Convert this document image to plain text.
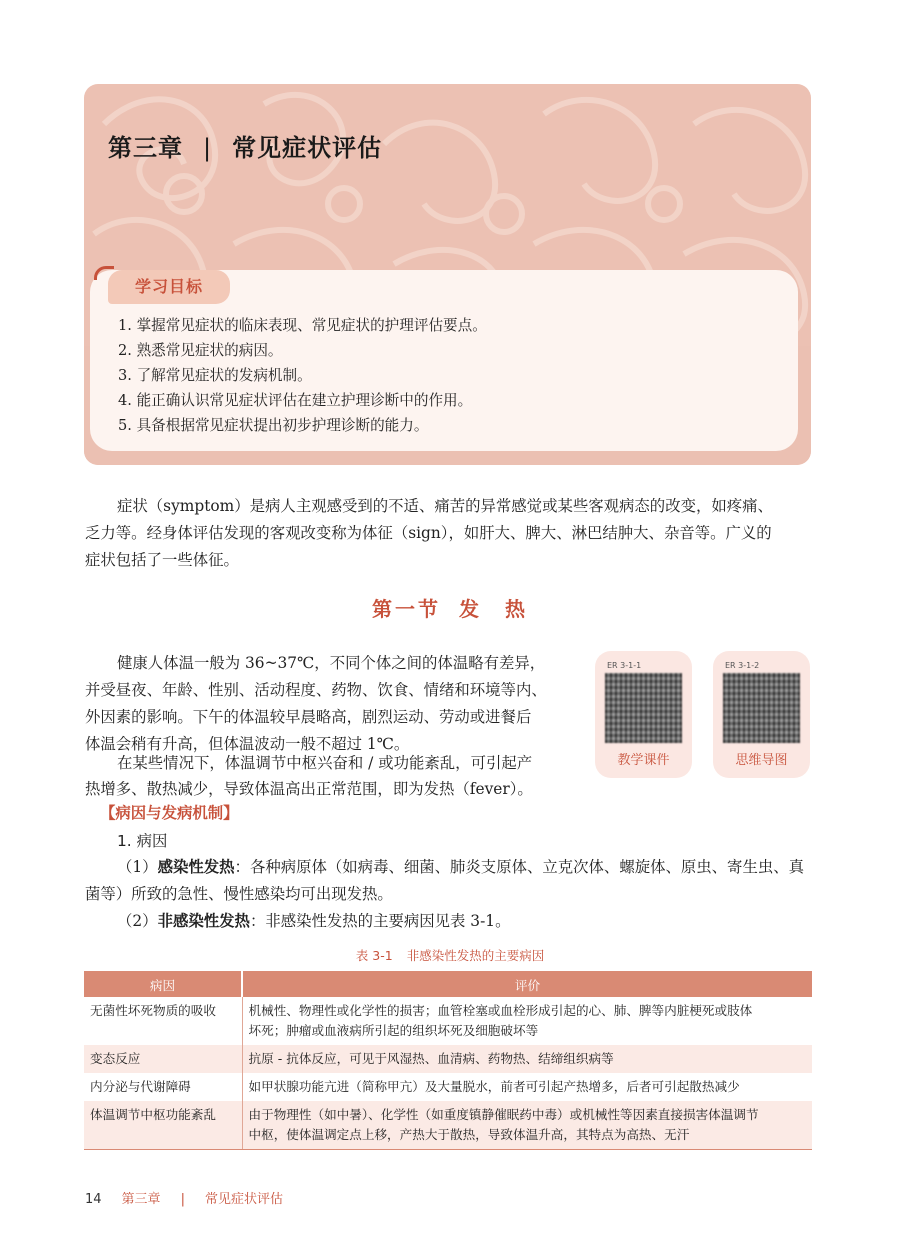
第三章 | 常见症状评估
学习目标
1. 掌握常见症状的临床表现、常见症状的护理评估要点。
2. 熟悉常见症状的病因。
3. 了解常见症状的发病机制。
4. 能正确认识常见症状评估在建立护理诊断中的作用。
5. 具备根据常见症状提出初步护理诊断的能力。
症状（symptom）是病人主观感受到的不适、痛苦的异常感觉或某些客观病态的改变，如疼痛、
乏力等。经身体评估发现的客观改变称为体征（sign），如肝大、脾大、淋巴结肿大、杂音等。广义的
症状包括了一些体征。
第一节 发　热
健康人体温一般为 36~37℃，不同个体之间的体温略有差异，
并受昼夜、年龄、性别、活动程度、药物、饮食、情绪和环境等内、
外因素的影响。下午的体温较早晨略高，剧烈运动、劳动或进餐后
体温会稍有升高，但体温波动一般不超过 1℃。
在某些情况下，体温调节中枢兴奋和 / 或功能紊乱，可引起产
热增多、散热减少，导致体温高出正常范围，即为发热（fever）。
ER 3-1-1
教学课件
ER 3-1-2
思维导图
【病因与发病机制】
1. 病因
（1）感染性发热：各种病原体（如病毒、细菌、肺炎支原体、立克次体、螺旋体、原虫、寄生虫、真
菌等）所致的急性、慢性感染均可出现发热。
（2）非感染性发热：非感染性发热的主要病因见表 3-1。
表 3-1 非感染性发热的主要病因
病因	评价
无菌性坏死物质的吸收	机械性、物理性或化学性的损害；血管栓塞或血栓形成引起的心、肺、脾等内脏梗死或肢体
坏死；肿瘤或血液病所引起的组织坏死及细胞破坏等

变态反应	抗原 - 抗体反应，可见于风湿热、血清病、药物热、结缔组织病等
内分泌与代谢障碍	如甲状腺功能亢进（简称甲亢）及大量脱水，前者可引起产热增多，后者可引起散热减少
体温调节中枢功能紊乱	由于物理性（如中暑）、化学性（如重度镇静催眠药中毒）或机械性等因素直接损害体温调节
中枢，使体温调定点上移，产热大于散热，导致体温升高，其特点为高热、无汗
14 第三章 | 常见症状评估
